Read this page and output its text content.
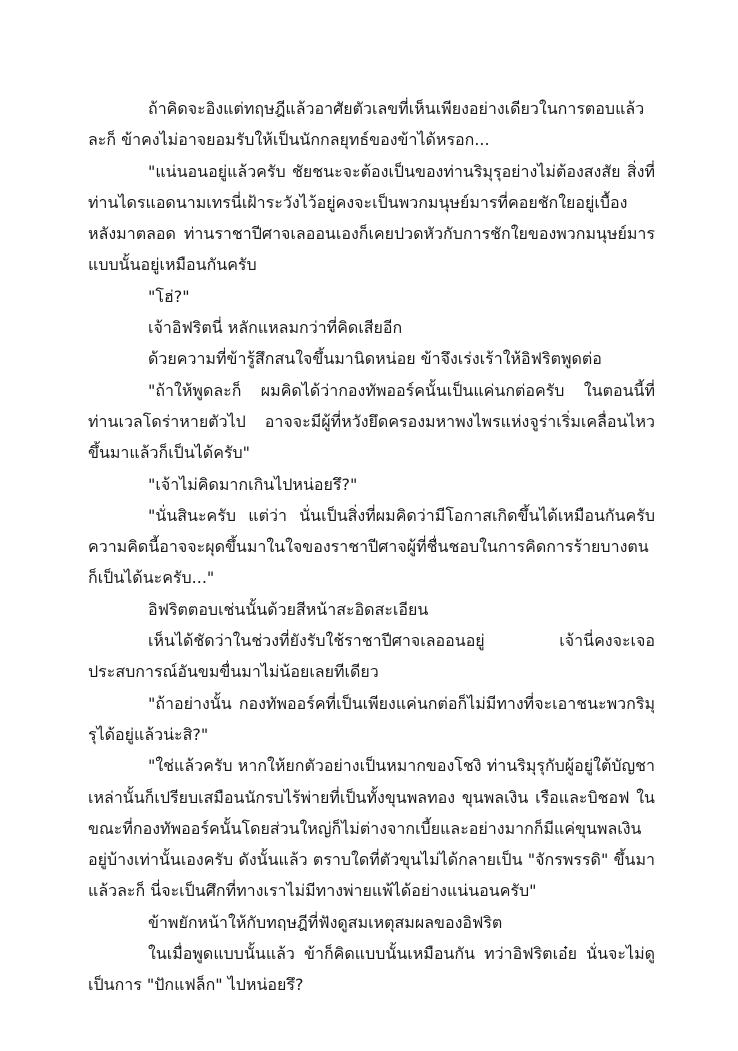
ถ้าคิดจะอิงแต่ทฤษฎีแล้วอาศัยตัวเลขที่เห็นเพียงอย่างเดียวในการตอบแล้วละก็ ข้าคงไม่อาจยอมรับให้เป็นนักกลยุทธ์ของข้าได้หรอก...

"แน่นอนอยู่แล้วครับ ชัยชนะจะต้องเป็นของท่านริมุรุอย่างไม่ต้องสงสัย สิ่งที่ท่านไดรแอดนามเทรนี่เฝ้าระวังไว้อยู่คงจะเป็นพวกมนุษย์มารที่คอยชักใยอยู่เบื้องหลังมาตลอด ท่านราชาปีศาจเลออนเองก็เคยปวดหัวกับการชักใยของพวกมนุษย์มารแบบนั้นอยู่เหมือนกันครับ

"โฮ่?"

เจ้าอิฟริตนี่ หลักแหลมกว่าที่คิดเสียอีก

ด้วยความที่ข้ารู้สึกสนใจขึ้นมานิดหน่อย ข้าจึงเร่งเร้าให้อิฟริตพูดต่อ

"ถ้าให้พูดละก็ ผมคิดได้ว่ากองทัพออร์คนั้นเป็นแค่นกต่อครับ ในตอนนี้ที่ท่านเวลโดร่าหายตัวไป อาจจะมีผู้ที่หวังยึดครองมหาพงไพรแห่งจูร่าเริ่มเคลื่อนไหวขึ้นมาแล้วก็เป็นได้ครับ"

"เจ้าไม่คิดมากเกินไปหน่อยรึ?"

"นั่นสินะครับ แต่ว่า นั่นเป็นสิ่งที่ผมคิดว่ามีโอกาสเกิดขึ้นได้เหมือนกันครับ ความคิดนี้อาจจะผุดขึ้นมาในใจของราชาปีศาจผู้ที่ชื่นชอบในการคิดการร้ายบางตนก็เป็นได้นะครับ..."

อิฟริตตอบเช่นนั้นด้วยสีหน้าสะอิดสะเอียน

เห็นได้ชัดว่าในช่วงที่ยังรับใช้ราชาปีศาจเลออนอยู่ เจ้านี่คงจะเจอประสบการณ์อันขมขื่นมาไม่น้อยเลยทีเดียว

"ถ้าอย่างนั้น กองทัพออร์คที่เป็นเพียงแค่นกต่อก็ไม่มีทางที่จะเอาชนะพวกริมุรุได้อยู่แล้วน่ะสิ?"

"ใช่แล้วครับ หากให้ยกตัวอย่างเป็นหมากของโชงิ ท่านริมุรุกับผู้อยู่ใต้บัญชาเหล่านั้นก็เปรียบเสมือนนักรบไร้พ่ายที่เป็นทั้งขุนพลทอง ขุนพลเงิน เรือและบิชอฟ ในขณะที่กองทัพออร์คนั้นโดยส่วนใหญ่ก็ไม่ต่างจากเบี้ยและอย่างมากก็มีแค่ขุนพลเงินอยู่บ้างเท่านั้นเองครับ ดังนั้นแล้ว ตราบใดที่ตัวขุนไม่ได้กลายเป็น "จักรพรรดิ" ขึ้นมาแล้วละก็ นี่จะเป็นศึกที่ทางเราไม่มีทางพ่ายแพ้ได้อย่างแน่นอนครับ"

ข้าพยักหน้าให้กับทฤษฎีที่ฟังดูสมเหตุสมผลของอิฟริต

ในเมื่อพูดแบบนั้นแล้ว ข้าก็คิดแบบนั้นเหมือนกัน ทว่าอิฟริตเอ๋ย นั่นจะไม่ดูเป็นการ "ปักแฟล็ก" ไปหน่อยรึ?
